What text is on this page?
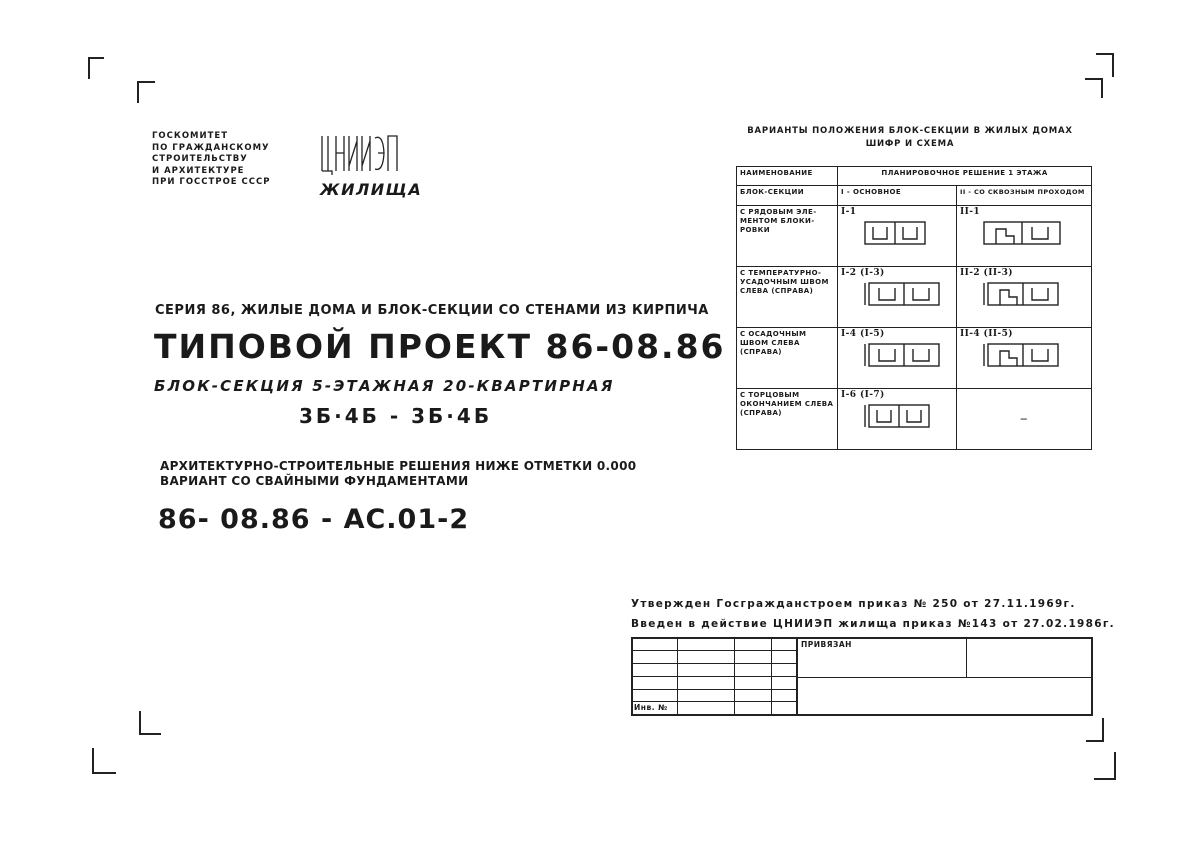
ГОСКОМИТЕТ
ПО ГРАЖДАНСКОМУ
СТРОИТЕЛЬСТВУ
И АРХИТЕКТУРЕ
ПРИ ГОССТРОЕ СССР	ЖИЛИЩА
СЕРИЯ 86, ЖИЛЫЕ ДОМА И БЛОК-СЕКЦИИ СО СТЕНАМИ ИЗ КИРПИЧА
ТИПОВОЙ ПРОЕКТ 86-08.86
БЛОК-СЕКЦИЯ 5-ЭТАЖНАЯ 20-КВАРТИРНАЯ
3Б·4Б - 3Б·4Б
АРХИТЕКТУРНО-СТРОИТЕЛЬНЫЕ РЕШЕНИЯ НИЖЕ ОТМЕТКИ 0.000
ВАРИАНТ СО СВАЙНЫМИ ФУНДАМЕНТАМИ
86- 08.86 - АС.01-2
ВАРИАНТЫ ПОЛОЖЕНИЯ БЛОК-СЕКЦИИ В ЖИЛЫХ ДОМАХ
ШИФР И СХЕМА
НАИМЕНОВАНИЕ	ПЛАНИРОВОЧНОЕ РЕШЕНИЕ 1 ЭТАЖА	
БЛОК-СЕКЦИИ	I - ОСНОВНОЕ	II - СО СКВОЗНЫМ ПРОХОДОМ
С РЯДОВЫМ ЭЛЕ- МЕНТОМ БЛОКИ- РОВКИ	I-1	II-1

С ТЕМПЕРАТУРНО- УСАДОЧНЫМ ШВОМ СЛЕВА (СПРАВА)	I-2 (I-3)	II-2 (II-3)

С ОСАДОЧНЫМ ШВОМ СЛЕВА (СПРАВА)	I-4 (I-5)	II-4 (II-5)

С ТОРЦОВЫМ ОКОНЧАНИЕМ СЛЕВА (СПРАВА)	I-6 (I-7)	—
Утвержден Госгражданстроем приказ № 250 от 27.11.1969г.
Введен в действие ЦНИИЭП жилища приказ №143 от 27.02.1986г.
ПРИВЯЗАН
Инв. №
